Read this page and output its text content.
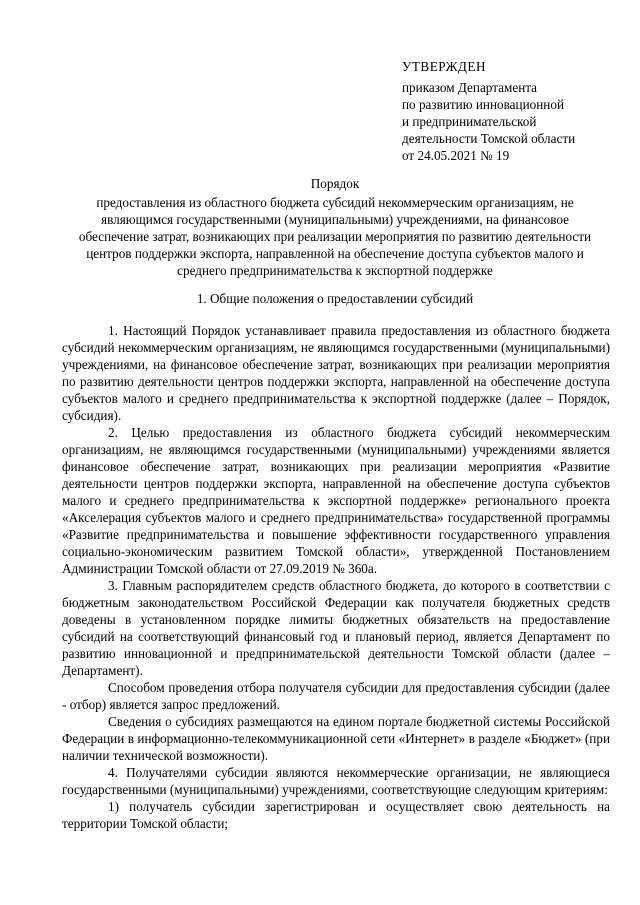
УТВЕРЖДЕН
приказом Департамента
по развитию инновационной
и предпринимательской
деятельности Томской области
от 24.05.2021 № 19
Порядок
предоставления из областного бюджета субсидий некоммерческим организациям, не
являющимся государственными (муниципальными) учреждениями, на финансовое
обеспечение затрат, возникающих при реализации мероприятия по развитию деятельности
центров поддержки экспорта, направленной на обеспечение доступа субъектов малого и
среднего предпринимательства к экспортной поддержке
1. Общие положения о предоставлении субсидий

1. Настоящий Порядок устанавливает правила предоставления из областного бюджета субсидий некоммерческим организациям, не являющимся государственными (муниципальными) учреждениями, на финансовое обеспечение затрат, возникающих при реализации мероприятия по развитию деятельности центров поддержки экспорта, направленной на обеспечение доступа субъектов малого и среднего предпринимательства к экспортной поддержке (далее – Порядок, субсидия).

2. Целью предоставления из областного бюджета субсидий некоммерческим организациям, не являющимся государственными (муниципальными) учреждениями является финансовое обеспечение затрат, возникающих при реализации мероприятия «Развитие деятельности центров поддержки экспорта, направленной на обеспечение доступа субъектов малого и среднего предпринимательства к экспортной поддержке» регионального проекта «Акселерация субъектов малого и среднего предпринимательства» государственной программы «Развитие предпринимательства и повышение эффективности государственного управления социально-экономическим развитием Томской области», утвержденной Постановлением Администрации Томской области от 27.09.2019 № 360а.

3. Главным распорядителем средств областного бюджета, до которого в соответствии с бюджетным законодательством Российской Федерации как получателя бюджетных средств доведены в установленном порядке лимиты бюджетных обязательств на предоставление субсидий на соответствующий финансовый год и плановый период, является Департамент по развитию инновационной и предпринимательской деятельности Томской области (далее – Департамент).

Способом проведения отбора получателя субсидии для предоставления субсидии (далее - отбор) является запрос предложений.

Сведения о субсидиях размещаются на едином портале бюджетной системы Российской Федерации в информационно-телекоммуникационной сети «Интернет» в разделе «Бюджет» (при наличии технической возможности).

4. Получателями субсидии являются некоммерческие организации, не являющиеся государственными (муниципальными) учреждениями, соответствующие следующим критериям:

1) получатель субсидии зарегистрирован и осуществляет свою деятельность на территории Томской области;
